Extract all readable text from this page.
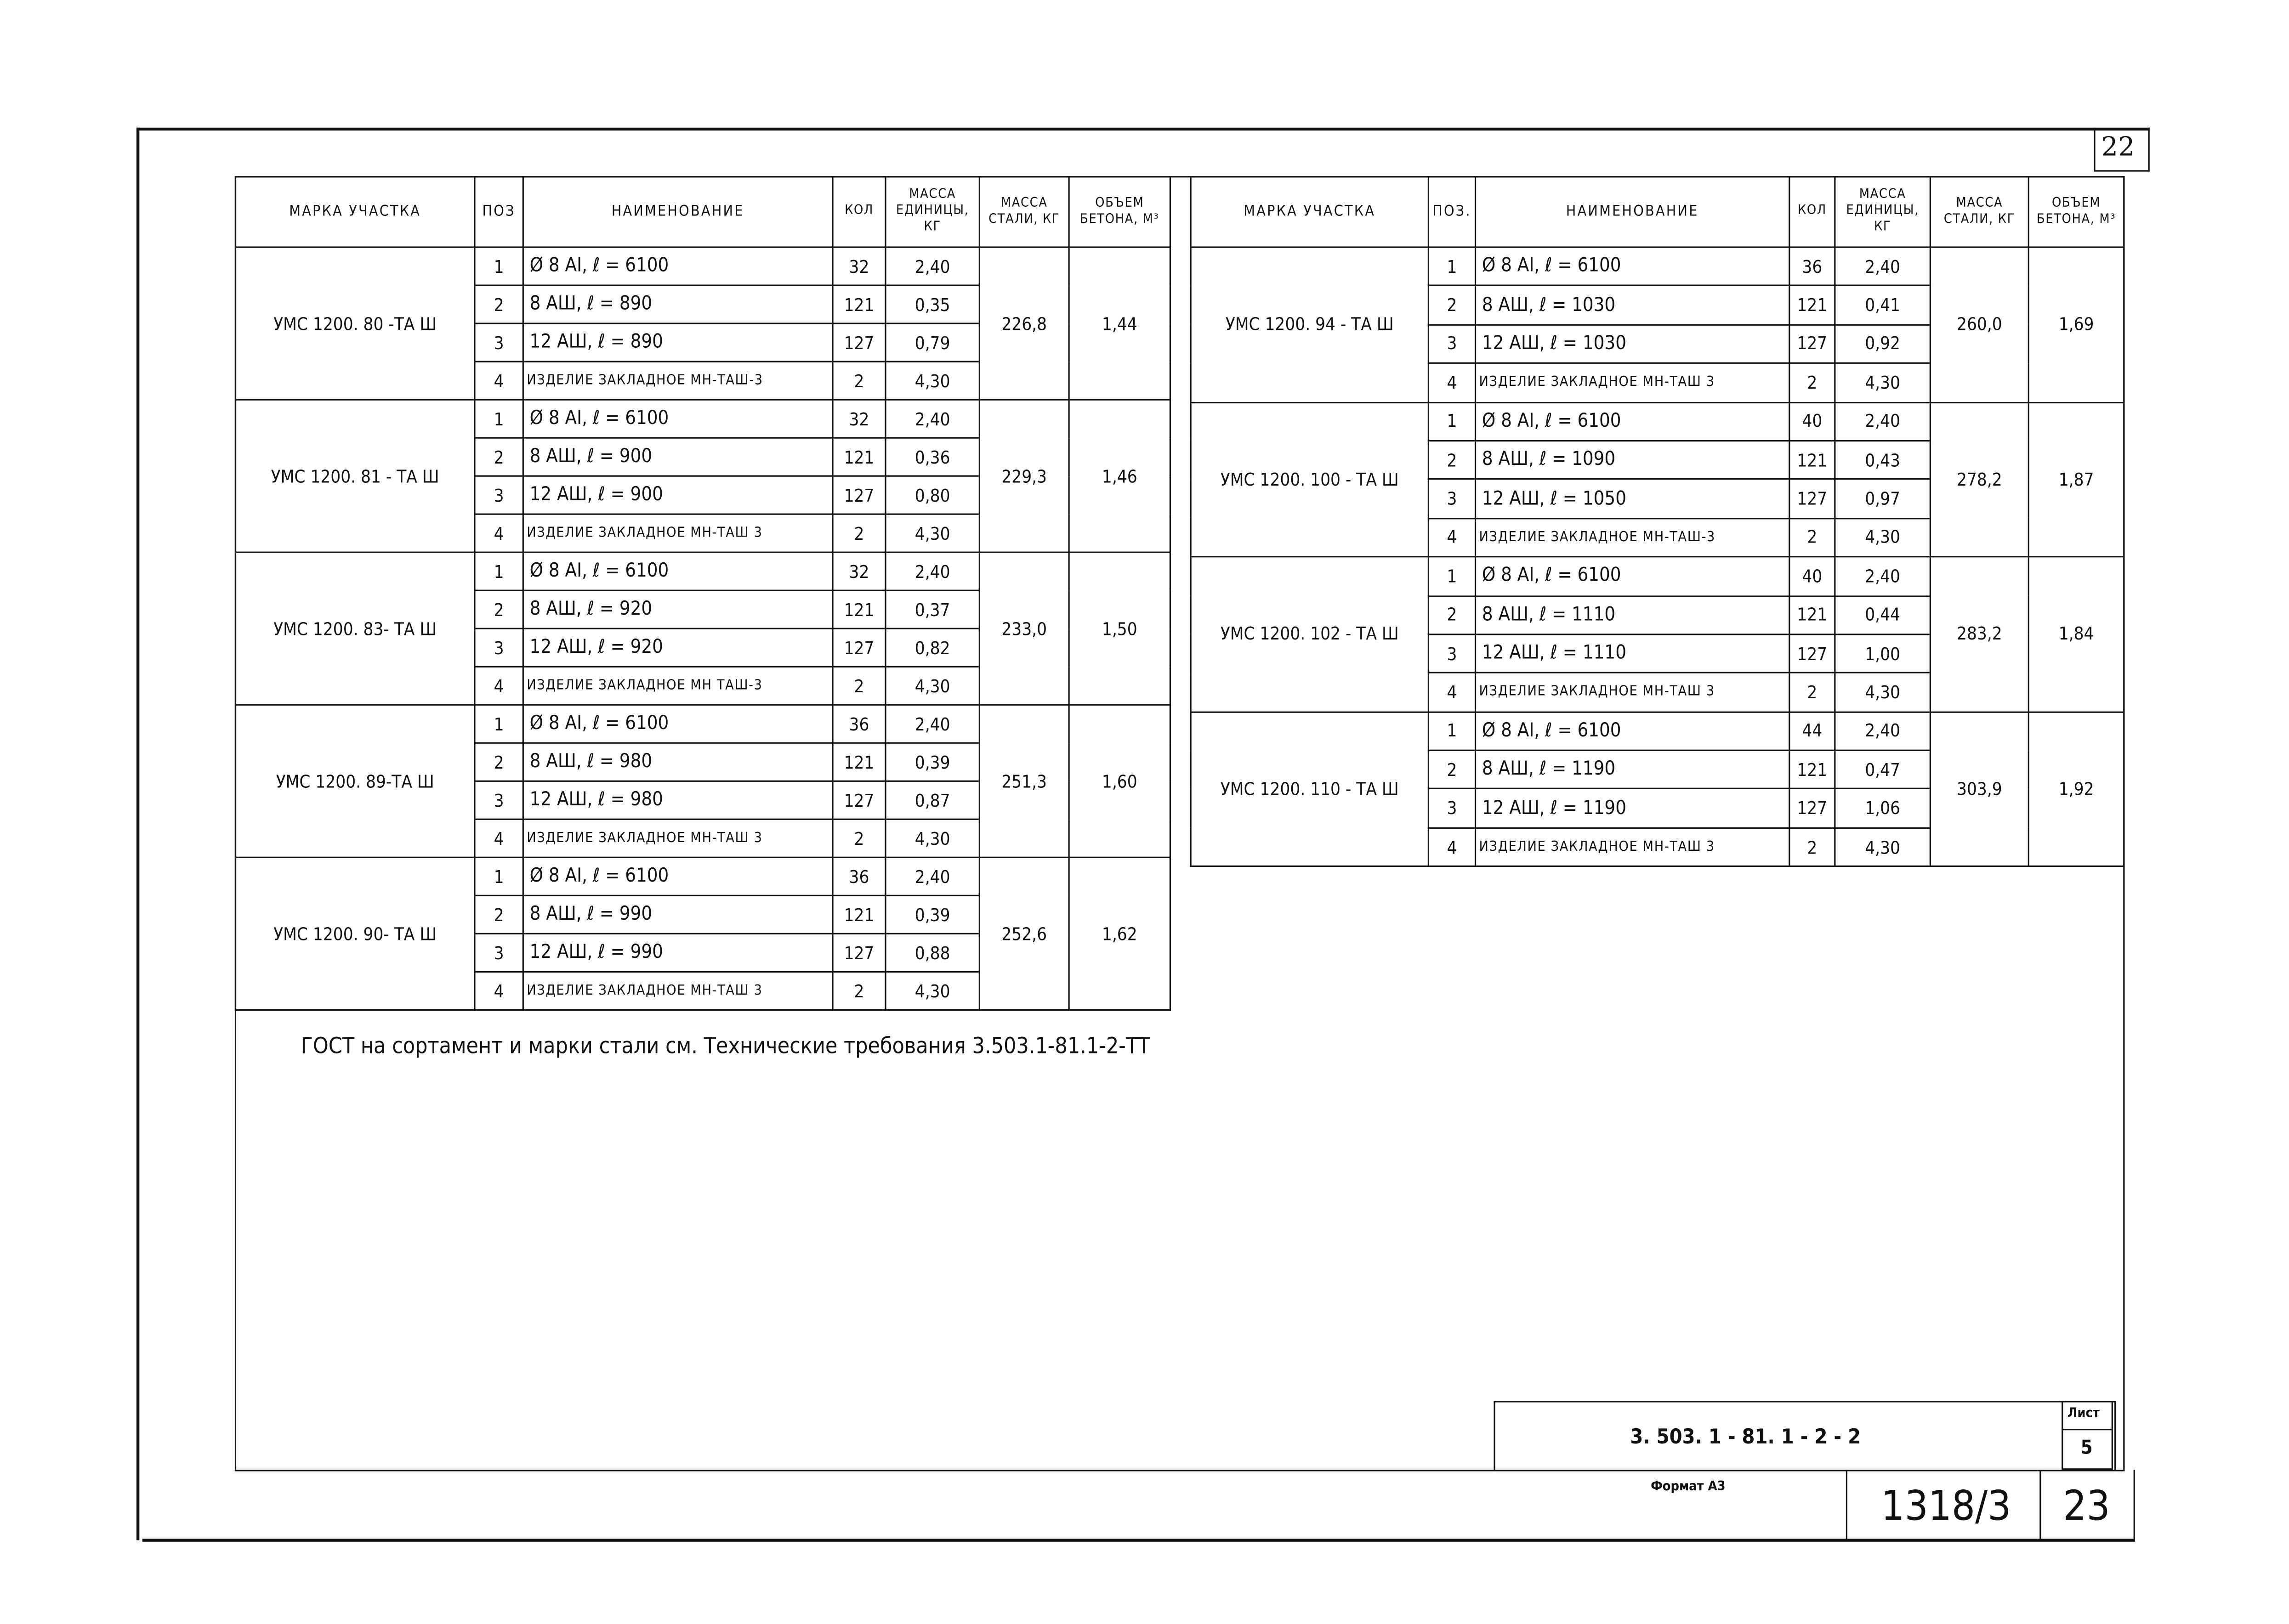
22
МАРКА УЧАСТКА	ПОЗ	НАИМЕНОВАНИЕ	КОЛ	МАССА ЕДИНИЦЫ, КГ	МАССА СТАЛИ, КГ	ОБЪЕМ БЕТОНА, М³
УМС 1200. 80 -ТА Ш	1	Ø 8 АI, ℓ = 6100	32	2,40	226,8	1,44
	2	8 АШ, ℓ = 890	121	0,35		
	3	12 АШ, ℓ = 890	127	0,79		
	4	ИЗДЕЛИЕ ЗАКЛАДНОЕ МН-ТАШ-3	2	4,30		
УМС 1200. 81 - ТА Ш	1	Ø 8 АI, ℓ = 6100	32	2,40	229,3	1,46
	2	8 АШ, ℓ = 900	121	0,36		
	3	12 АШ, ℓ = 900	127	0,80		
	4	ИЗДЕЛИЕ ЗАКЛАДНОЕ МН-ТАШ 3	2	4,30		
УМС 1200. 83- ТА Ш	1	Ø 8 АI, ℓ = 6100	32	2,40	233,0	1,50
	2	8 АШ, ℓ = 920	121	0,37		
	3	12 АШ, ℓ = 920	127	0,82		
	4	ИЗДЕЛИЕ ЗАКЛАДНОЕ МН ТАШ-3	2	4,30		
УМС 1200. 89-ТА Ш	1	Ø 8 АI, ℓ = 6100	36	2,40	251,3	1,60
	2	8 АШ, ℓ = 980	121	0,39		
	3	12 АШ, ℓ = 980	127	0,87		
	4	ИЗДЕЛИЕ ЗАКЛАДНОЕ МН-ТАШ 3	2	4,30		
УМС 1200. 90- ТА Ш	1	Ø 8 АI, ℓ = 6100	36	2,40	252,6	1,62
	2	8 АШ, ℓ = 990	121	0,39		
	3	12 АШ, ℓ = 990	127	0,88		
	4	ИЗДЕЛИЕ ЗАКЛАДНОЕ МН-ТАШ 3	2	4,30		
МАРКА УЧАСТКА	ПОЗ.	НАИМЕНОВАНИЕ	КОЛ	МАССА ЕДИНИЦЫ, КГ	МАССА СТАЛИ, КГ	ОБЪЕМ БЕТОНА, М³
УМС 1200. 94 - ТА Ш	1	Ø 8 АI, ℓ = 6100	36	2,40	260,0	1,69
	2	8 АШ, ℓ = 1030	121	0,41		
	3	12 АШ, ℓ = 1030	127	0,92		
	4	ИЗДЕЛИЕ ЗАКЛАДНОЕ МН-ТАШ 3	2	4,30		
УМС 1200. 100 - ТА Ш	1	Ø 8 АI, ℓ = 6100	40	2,40	278,2	1,87
	2	8 АШ, ℓ = 1090	121	0,43		
	3	12 АШ, ℓ = 1050	127	0,97		
	4	ИЗДЕЛИЕ ЗАКЛАДНОЕ МН-ТАШ-3	2	4,30		
УМС 1200. 102 - ТА Ш	1	Ø 8 АI, ℓ = 6100	40	2,40	283,2	1,84
	2	8 АШ, ℓ = 1110	121	0,44		
	3	12 АШ, ℓ = 1110	127	1,00		
	4	ИЗДЕЛИЕ ЗАКЛАДНОЕ МН-ТАШ 3	2	4,30		
УМС 1200. 110 - ТА Ш	1	Ø 8 АI, ℓ = 6100	44	2,40	303,9	1,92
	2	8 АШ, ℓ = 1190	121	0,47		
	3	12 АШ, ℓ = 1190	127	1,06		
	4	ИЗДЕЛИЕ ЗАКЛАДНОЕ МН-ТАШ 3	2	4,30		
ГОСТ на сортамент и марки стали см. Технические требования 3.503.1-81.1-2-ТТ
3. 503. 1 - 81. 1 - 2 - 2
Лист
5
Формат А3	1318/3	23
